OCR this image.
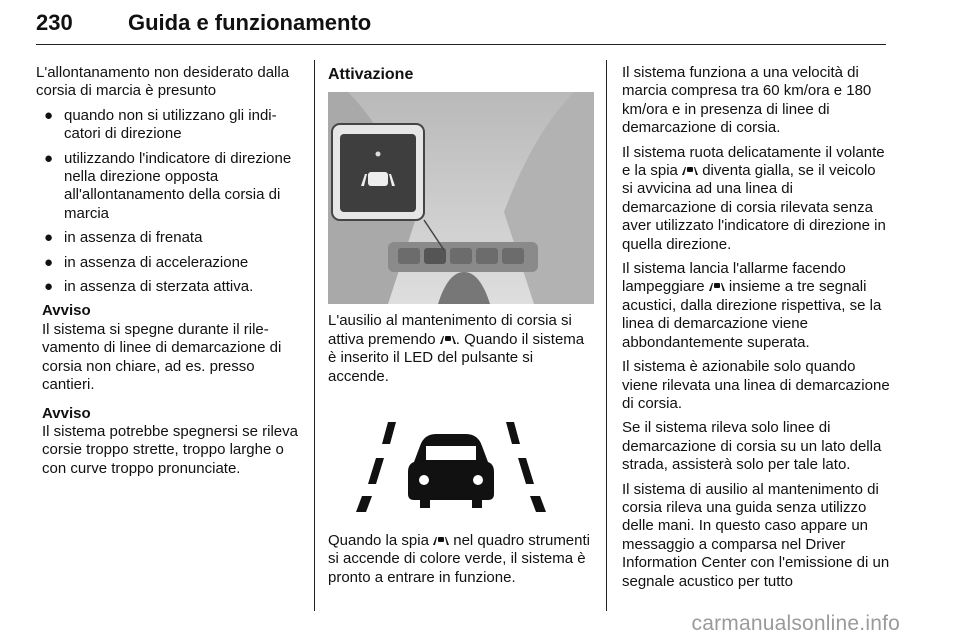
230	Guida e funzionamento

L'allontanamento non desiderato dalla corsia di marcia è presunto

● quando non si utilizzano gli indicatori di direzione
● utilizzando l'indicatore di direzione nella direzione opposta all'allontanamento della corsia di marcia
● in assenza di frenata
● in assenza di accelerazione
● in assenza di sterzata attiva.
Avviso
Il sistema si spegne durante il rilevamento di linee di demarcazione di corsia non chiare, ad es. presso cantieri.
Avviso
Il sistema potrebbe spegnersi se rileva corsie troppo strette, troppo larghe o con curve troppo pronunciate.
Attivazione

L'ausilio al mantenimento di corsia si attiva premendo . Quando il sistema è inserito il LED del pulsante si accende.

Quando la spia nel quadro strumenti si accende di colore verde, il sistema è pronto a entrare in funzione.

Il sistema funziona a una velocità di marcia compresa tra 60 km/ora e 180 km/ora e in presenza di linee di demarcazione di corsia.

Il sistema ruota delicatamente il volante e la spia diventa gialla, se il veicolo si avvicina ad una linea di demarcazione di corsia rilevata senza aver utilizzato l'indicatore di direzione in quella direzione.

Il sistema lancia l'allarme facendo lampeggiare insieme a tre segnali acustici, dalla direzione rispettiva, se la linea di demarcazione viene abbondantemente superata.

Il sistema è azionabile solo quando viene rilevata una linea di demarcazione di corsia.

Se il sistema rileva solo linee di demarcazione di corsia su un lato della strada, assisterà solo per tale lato.

Il sistema di ausilio al mantenimento di corsia rileva una guida senza utilizzo delle mani. In questo caso appare un messaggio a comparsa nel Driver Information Center con l'emissione di un segnale acustico per tutto

carmanualsonline.info
